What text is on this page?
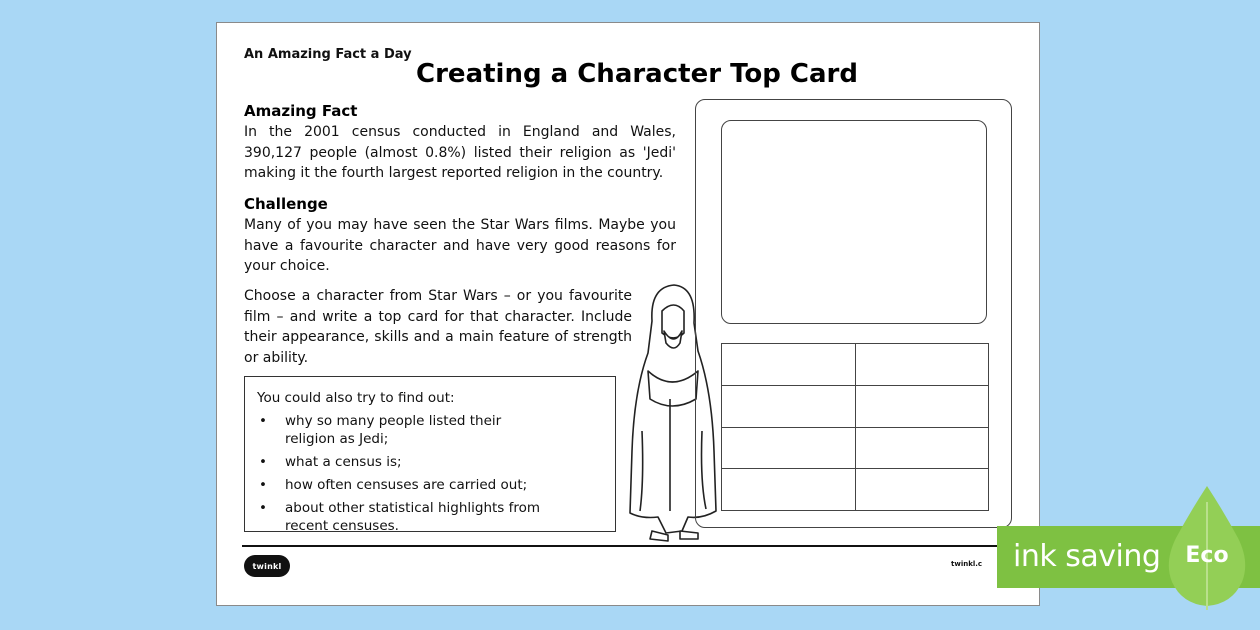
An Amazing Fact a Day
Creating a Character Top Card
Amazing Fact
In the 2001 census conducted in England and Wales, 390,127 people (almost 0.8%) listed their religion as 'Jedi' making it the fourth largest reported religion in the country.
Challenge
Many of you may have seen the Star Wars films. Maybe you have a favourite character and have very good reasons for your choice.
Choose a character from Star Wars – or you favourite film – and write a top card for that character. Include their appearance, skills and a main feature of strength or ability.
You could also try to find out:
• why so many people listed their religion as Jedi;
• what a census is;
• how often censuses are carried out;
• about other statistical highlights from recent censuses.

twinkl	twinkl.c ink saving Eco
